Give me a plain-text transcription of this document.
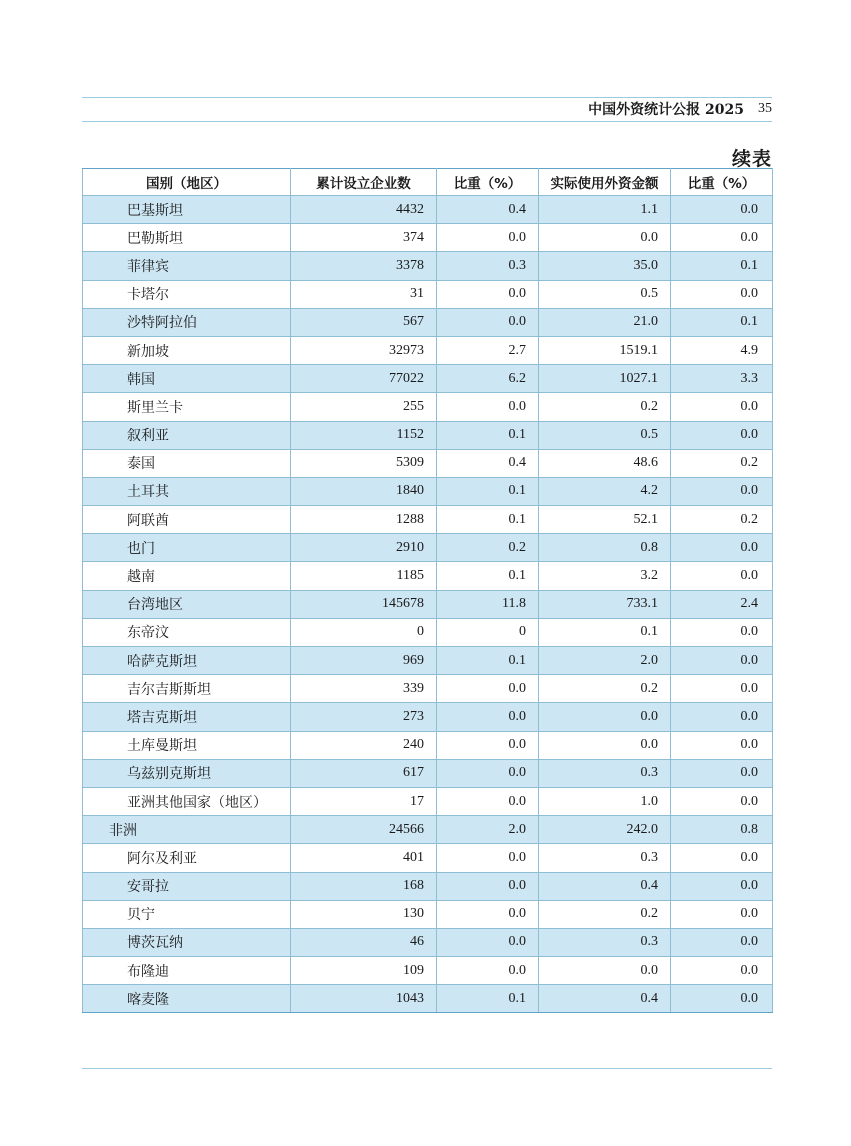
中国外资统计公报 2025 35
续表
国别（地区）	累计设立企业数	比重（%）	实际使用外资金额	比重（%）
巴基斯坦	4432	0.4	1.1	0.0
巴勒斯坦	374	0.0	0.0	0.0
菲律宾	3378	0.3	35.0	0.1
卡塔尔	31	0.0	0.5	0.0
沙特阿拉伯	567	0.0	21.0	0.1
新加坡	32973	2.7	1519.1	4.9
韩国	77022	6.2	1027.1	3.3
斯里兰卡	255	0.0	0.2	0.0
叙利亚	1152	0.1	0.5	0.0
泰国	5309	0.4	48.6	0.2
土耳其	1840	0.1	4.2	0.0
阿联酋	1288	0.1	52.1	0.2
也门	2910	0.2	0.8	0.0
越南	1185	0.1	3.2	0.0
台湾地区	145678	11.8	733.1	2.4
东帝汶	0	0	0.1	0.0
哈萨克斯坦	969	0.1	2.0	0.0
吉尔吉斯斯坦	339	0.0	0.2	0.0
塔吉克斯坦	273	0.0	0.0	0.0
土库曼斯坦	240	0.0	0.0	0.0
乌兹别克斯坦	617	0.0	0.3	0.0
亚洲其他国家（地区）	17	0.0	1.0	0.0
非洲	24566	2.0	242.0	0.8
阿尔及利亚	401	0.0	0.3	0.0
安哥拉	168	0.0	0.4	0.0
贝宁	130	0.0	0.2	0.0
博茨瓦纳	46	0.0	0.3	0.0
布隆迪	109	0.0	0.0	0.0
喀麦隆	1043	0.1	0.4	0.0
